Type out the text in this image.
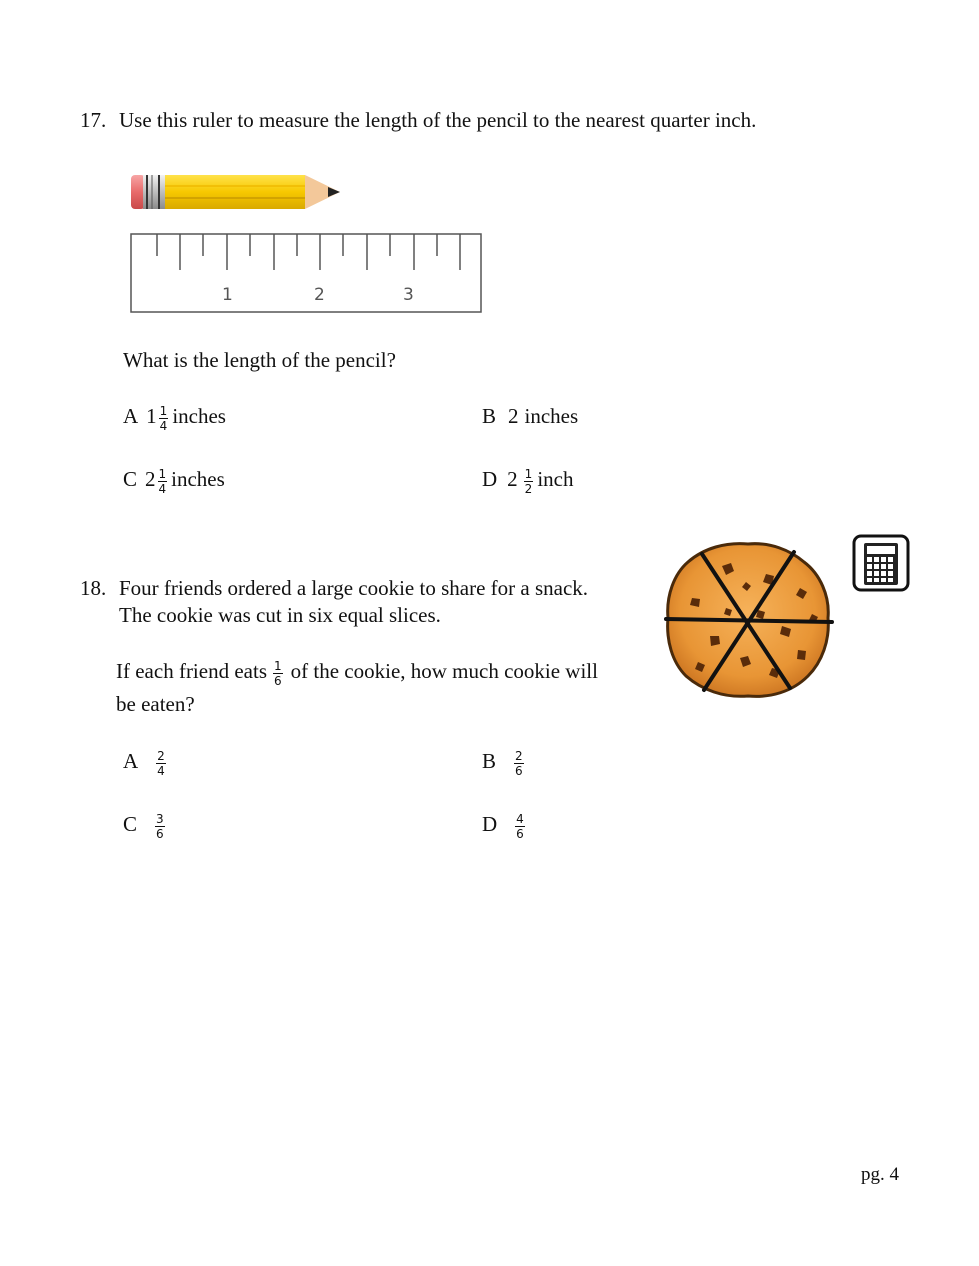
17. Use this ruler to measure the length of the pencil to the nearest quarter inch.
1	2	3
What is the length of the pencil?
A $1 \frac{1}{4}$ inches	B 2 inches
C $2 \frac{1}{4}$ inches	D $2 \frac{1}{2}$ inch
18. Four friends ordered a large cookie to share for a snack.
The cookie was cut in six equal slices.
If each friend eats $\frac{1}{6}$ of the cookie, how much cookie will
be eaten?
A $\frac{2}{4}$	B $\frac{2}{6}$
C $\frac{3}{6}$	D $\frac{4}{6}$
pg. 4
